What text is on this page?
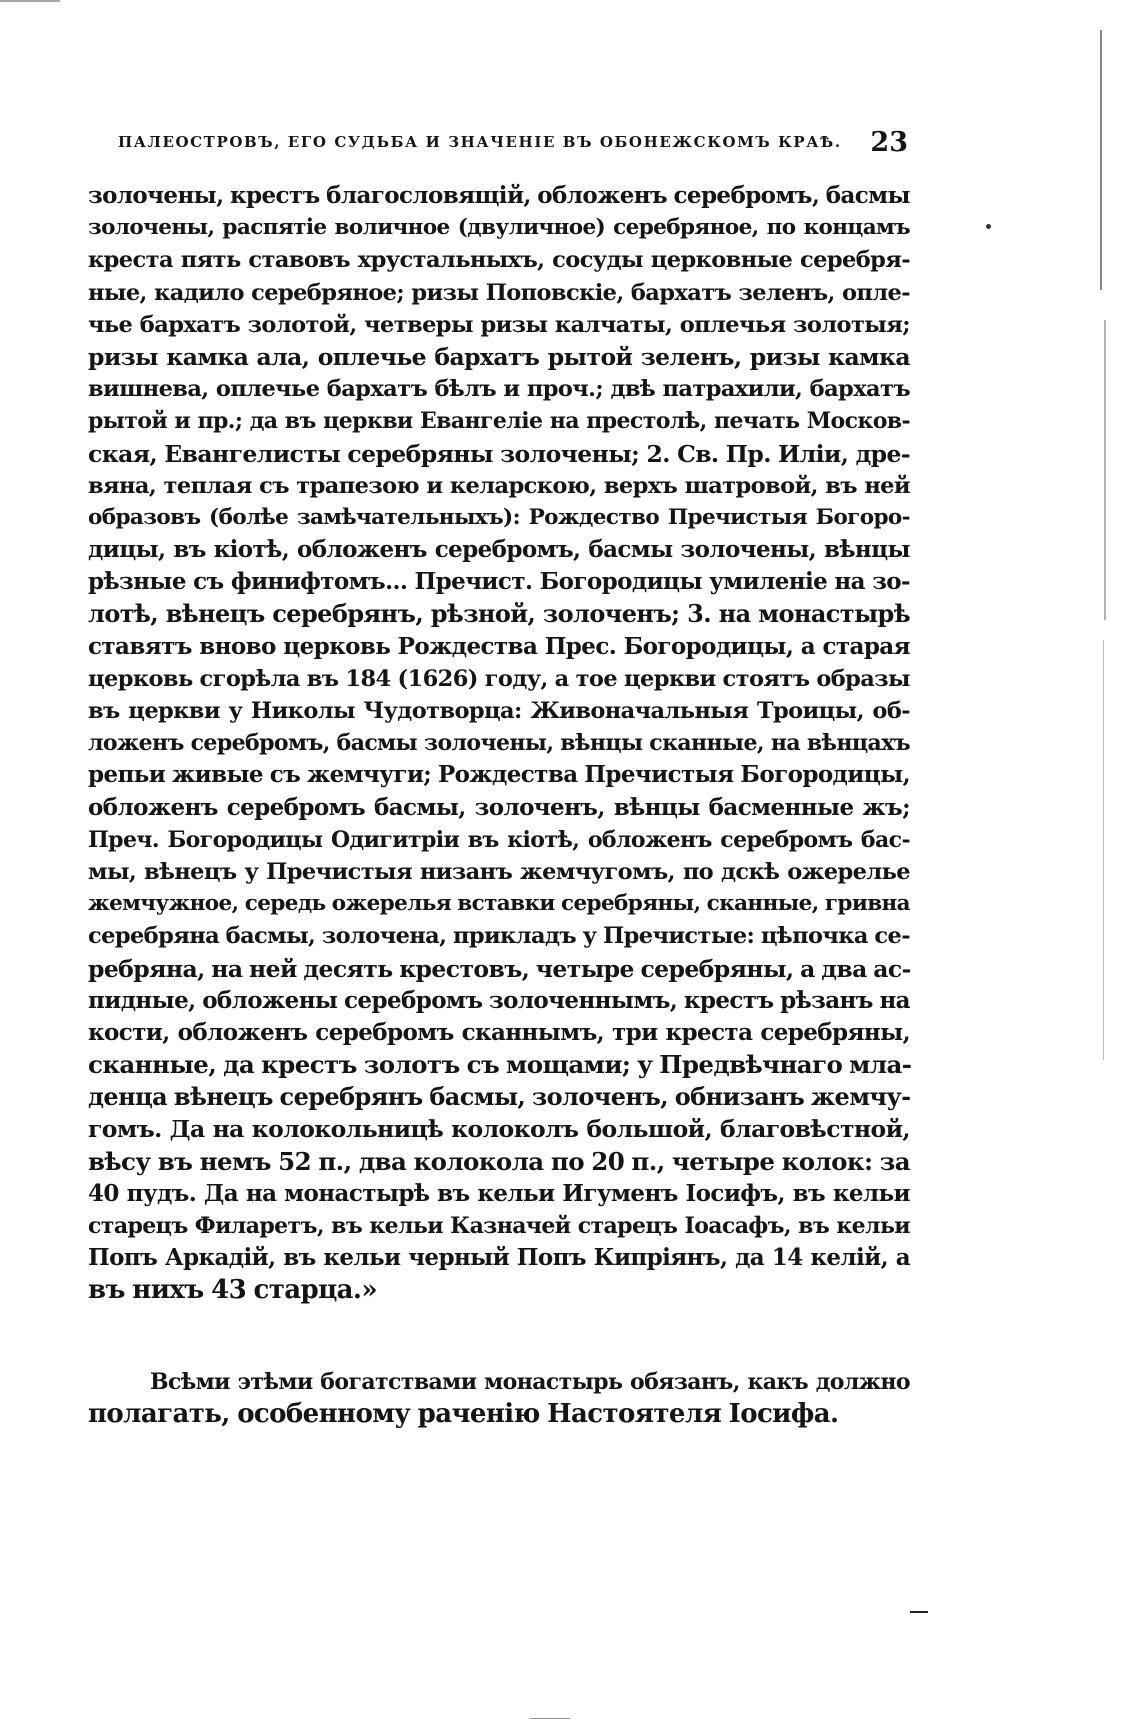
ПАЛЕОСТРОВЪ, ЕГО СУДЬБА И ЗНАЧЕНІЕ ВЪ ОБОНЕЖСКОМЪ КРАѢ. 23
золочены, крестъ благословящій, обложенъ серебромъ, басмы
золочены, распятіе воличное (двуличное) серебряное, по концамъ
креста пять ставовъ хрустальныхъ, сосуды церковные серебря-
ные, кадило серебряное; ризы Поповскіе, бархатъ зеленъ, опле-
чье бархатъ золотой, четверы ризы калчаты, оплечья золотыя;
ризы камка ала, оплечье бархатъ рытой зеленъ, ризы камка
вишнева, оплечье бархатъ бѣлъ и проч.; двѣ патрахили, бархатъ
рытой и пр.; да въ церкви Евангеліе на престолѣ, печать Москов-
ская, Евангелисты серебряны золочены; 2. Св. Пр. Иліи, дре-
вяна, теплая съ трапезою и келарскою, верхъ шатровой, въ ней
образовъ (болѣе замѣчательныхъ): Рождество Пречистыя Богоро-
дицы, въ кіотѣ, обложенъ серебромъ, басмы золочены, вѣнцы
рѣзные съ финифтомъ... Пречист. Богородицы умиленіе на зо-
лотѣ, вѣнецъ серебрянъ, рѣзной, золоченъ; 3. на монастырѣ
ставятъ вново церковь Рождества Прес. Богородицы, а старая
церковь сгорѣла въ 184 (1626) году, а тое церкви стоятъ образы
въ церкви у Николы Чудотворца: Живоначальныя Троицы, об-
ложенъ серебромъ, басмы золочены, вѣнцы сканные, на вѣнцахъ
репьи живые съ жемчуги; Рождества Пречистыя Богородицы,
обложенъ серебромъ басмы, золоченъ, вѣнцы басменные жъ;
Преч. Богородицы Одигитріи въ кіотѣ, обложенъ серебромъ бас-
мы, вѣнецъ у Пречистыя низанъ жемчугомъ, по дскѣ ожерелье
жемчужное, середь ожерелья вставки серебряны, сканные, гривна
серебряна басмы, золочена, прикладъ у Пречистые: цѣпочка се-
ребряна, на ней десять крестовъ, четыре серебряны, а два ас-
пидные, обложены серебромъ золоченнымъ, крестъ рѣзанъ на
кости, обложенъ серебромъ сканнымъ, три креста серебряны,
сканные, да крестъ золотъ съ мощами; у Предвѣчнаго мла-
денца вѣнецъ серебрянъ басмы, золоченъ, обнизанъ жемчу-
гомъ. Да на колокольницѣ колоколъ большой, благовѣстной,
вѣсу въ немъ 52 п., два колокола по 20 п., четыре колок: за
40 пудъ. Да на монастырѣ въ кельи Игуменъ Іосифъ, въ кельи
старецъ Филаретъ, въ кельи Казначей старецъ Іоасафъ, въ кельи
Попъ Аркадій, въ кельи черный Попъ Кипріянъ, да 14 келій, а
въ нихъ 43 старца.»
Всѣми этѣми богатствами монастырь обязанъ, какъ должно
полагать, особенному раченію Настоятеля Іосифа.
